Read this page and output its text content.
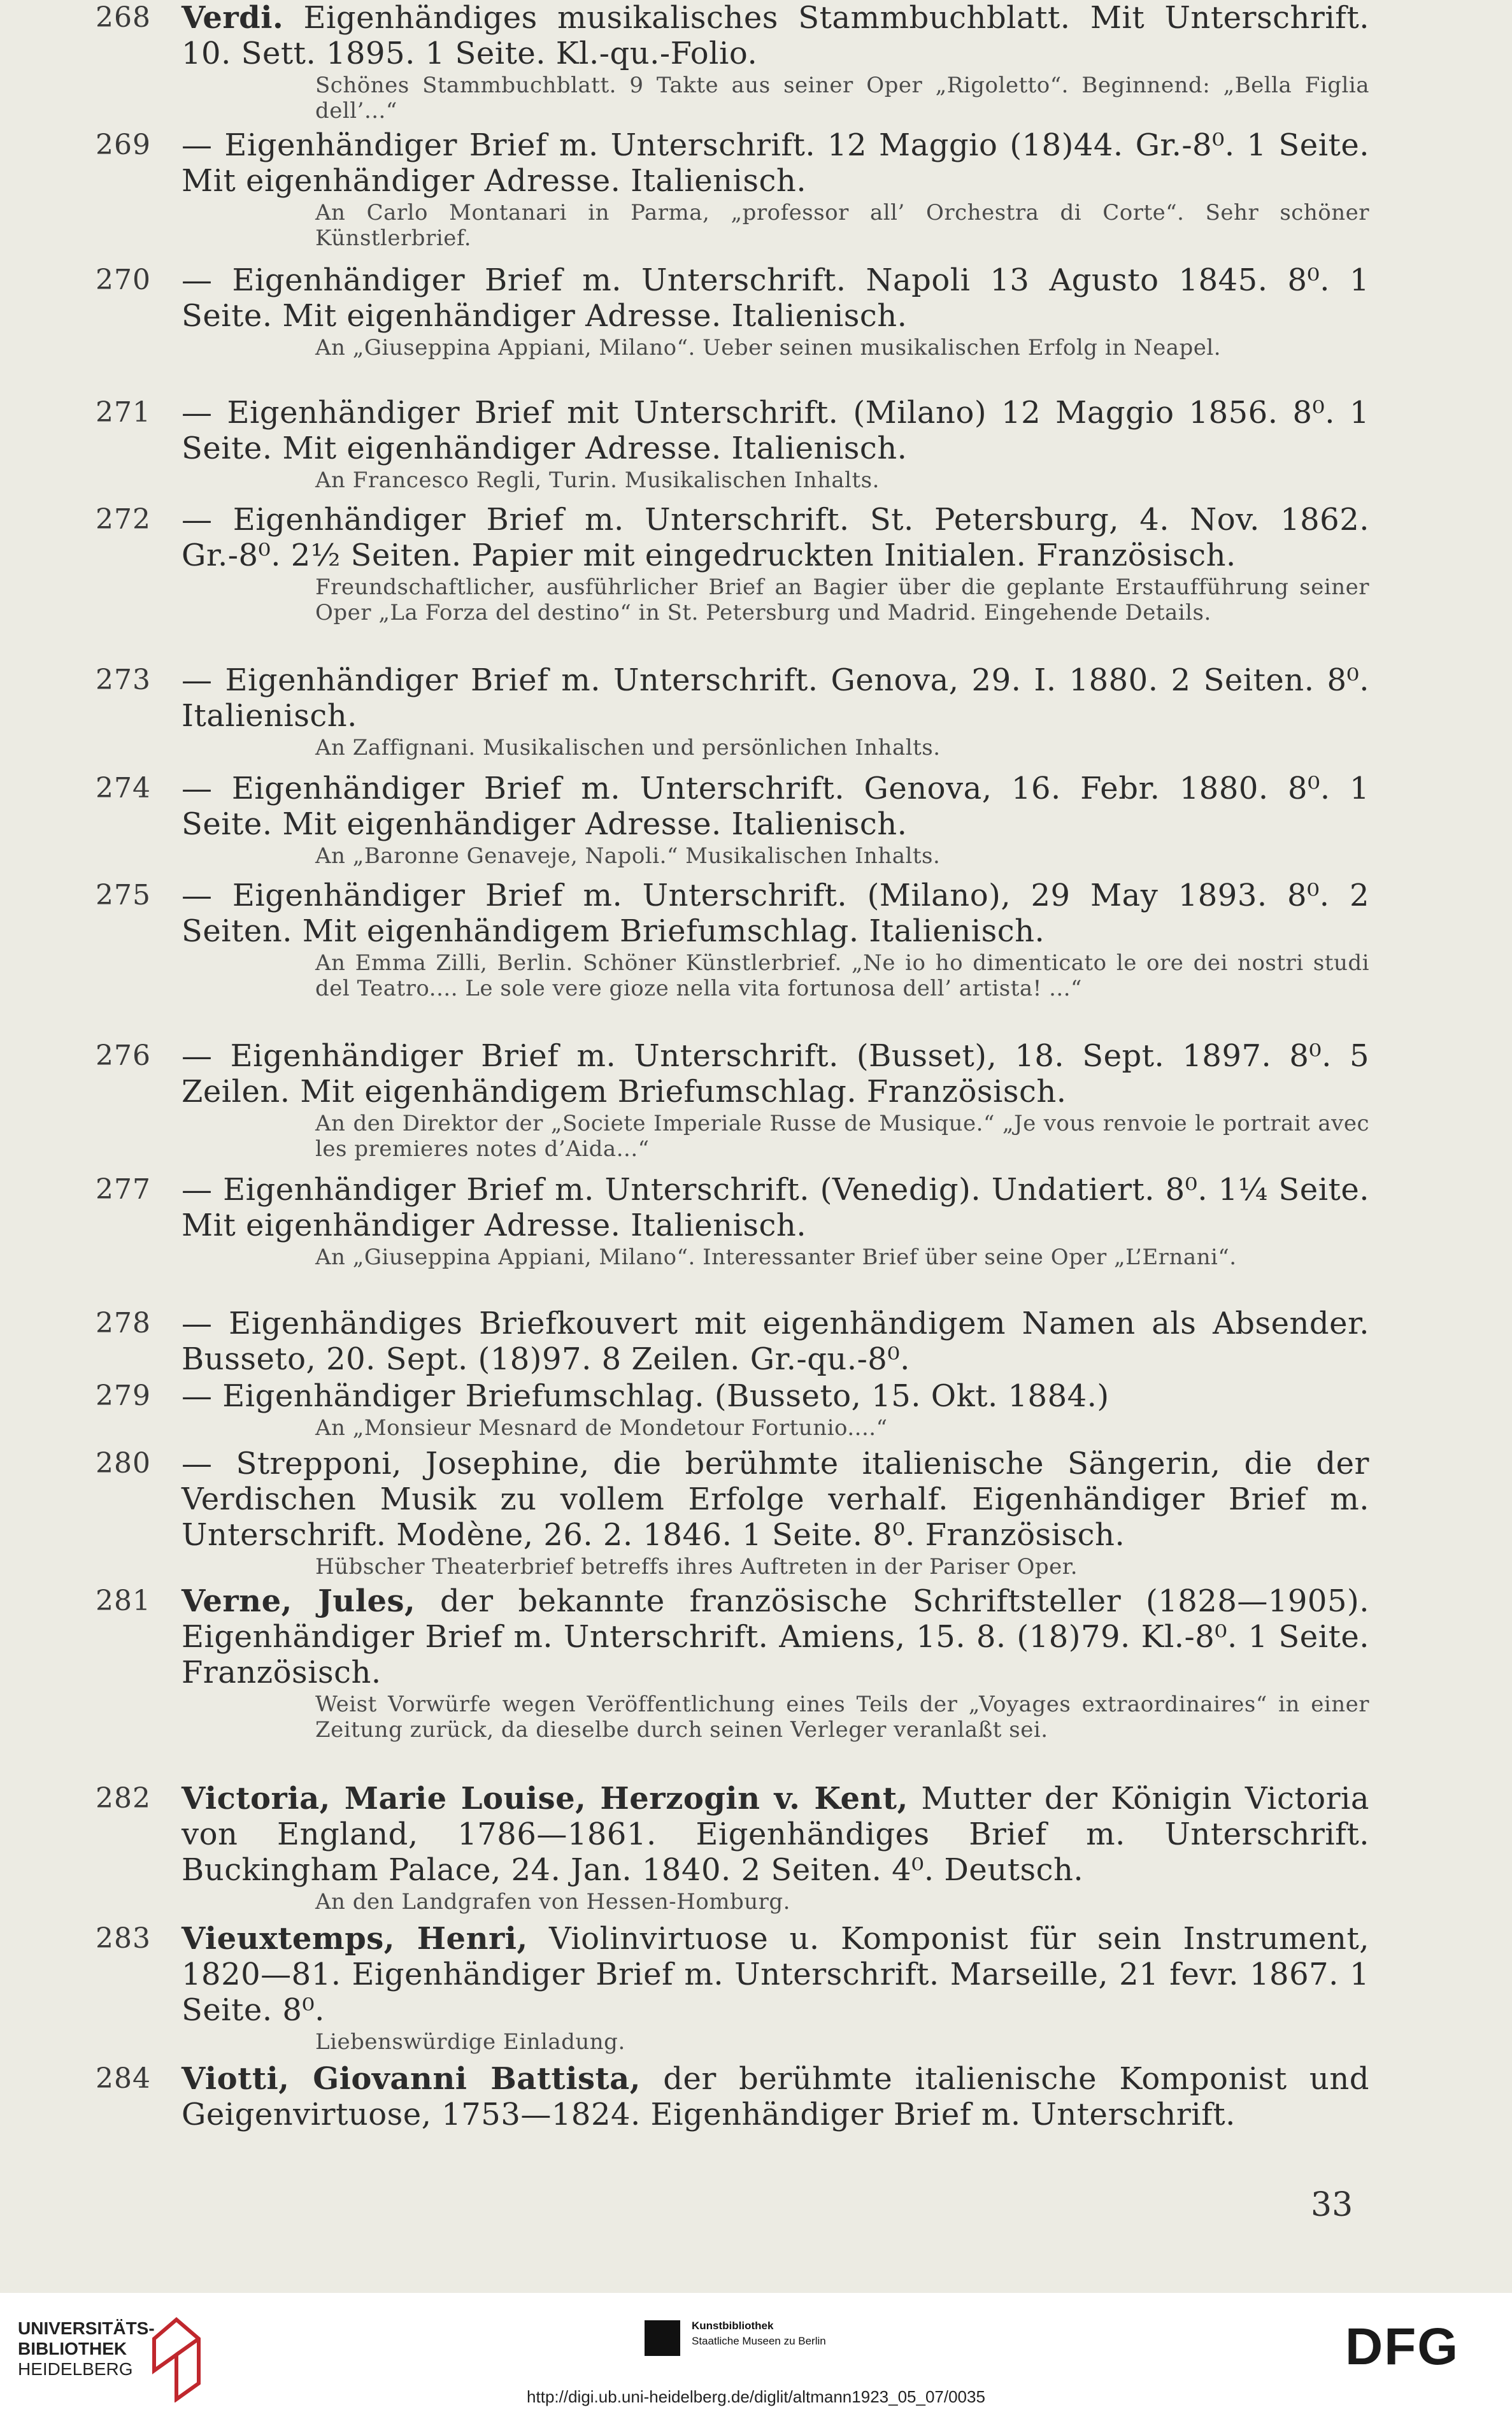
268	Verdi. Eigenhändiges musikalisches Stammbuchblatt. Mit Unterschrift. 10. Sett. 1895. 1 Seite. Kl.-qu.-Folio.
Schönes Stammbuchblatt. 9 Takte aus seiner Oper „Rigoletto“. Beginnend: „Bella Figlia dell’...“
269	— Eigenhändiger Brief m. Unterschrift. 12 Maggio (18)44. Gr.-8⁰. 1 Seite. Mit eigenhändiger Adresse. Italienisch.
An Carlo Montanari in Parma, „professor all’ Orchestra di Corte“. Sehr schöner Künstlerbrief.
270	— Eigenhändiger Brief m. Unterschrift. Napoli 13 Agusto 1845. 8⁰. 1 Seite. Mit eigenhändiger Adresse. Italienisch.
An „Giuseppina Appiani, Milano“. Ueber seinen musikalischen Erfolg in Neapel.
271	— Eigenhändiger Brief mit Unterschrift. (Milano) 12 Maggio 1856. 8⁰. 1 Seite. Mit eigenhändiger Adresse. Italienisch.
An Francesco Regli, Turin. Musikalischen Inhalts.
272	— Eigenhändiger Brief m. Unterschrift. St. Petersburg, 4. Nov. 1862. Gr.-8⁰. 2½ Seiten. Papier mit eingedruckten Initialen. Französisch.
Freundschaftlicher, ausführlicher Brief an Bagier über die geplante Erstaufführung seiner Oper „La Forza del destino“ in St. Petersburg und Madrid. Eingehende Details.
273	— Eigenhändiger Brief m. Unterschrift. Genova, 29. I. 1880. 2 Seiten. 8⁰. Italienisch.
An Zaffignani. Musikalischen und persönlichen Inhalts.
274	— Eigenhändiger Brief m. Unterschrift. Genova, 16. Febr. 1880. 8⁰. 1 Seite. Mit eigenhändiger Adresse. Italienisch.
An „Baronne Genaveje, Napoli.“ Musikalischen Inhalts.
275	— Eigenhändiger Brief m. Unterschrift. (Milano), 29 May 1893. 8⁰. 2 Seiten. Mit eigenhändigem Briefumschlag. Italienisch.
An Emma Zilli, Berlin. Schöner Künstlerbrief. „Ne io ho dimenticato le ore dei nostri studi del Teatro.... Le sole vere gioze nella vita fortunosa dell’ artista! ...“
276	— Eigenhändiger Brief m. Unterschrift. (Busset), 18. Sept. 1897. 8⁰. 5 Zeilen. Mit eigenhändigem Briefumschlag. Französisch.
An den Direktor der „Societe Imperiale Russe de Musique.“ „Je vous renvoie le portrait avec les premieres notes d’Aida...“
277	— Eigenhändiger Brief m. Unterschrift. (Venedig). Undatiert. 8⁰. 1¼ Seite. Mit eigenhändiger Adresse. Italienisch.
An „Giuseppina Appiani, Milano“. Interessanter Brief über seine Oper „L’Ernani“.
278	— Eigenhändiges Briefkouvert mit eigenhändigem Namen als Absender. Busseto, 20. Sept. (18)97. 8 Zeilen. Gr.-qu.-8⁰.
279	— Eigenhändiger Briefumschlag. (Busseto, 15. Okt. 1884.)
An „Monsieur Mesnard de Mondetour Fortunio....“
280	— Strepponi, Josephine, die berühmte italienische Sängerin, die der Verdischen Musik zu vollem Erfolge verhalf. Eigenhändiger Brief m. Unterschrift. Modène, 26. 2. 1846. 1 Seite. 8⁰. Französisch.
Hübscher Theaterbrief betreffs ihres Auftreten in der Pariser Oper.
281	Verne, Jules, der bekannte französische Schriftsteller (1828—1905). Eigenhändiger Brief m. Unterschrift. Amiens, 15. 8. (18)79. Kl.-8⁰. 1 Seite. Französisch.
Weist Vorwürfe wegen Veröffentlichung eines Teils der „Voyages extraordinaires“ in einer Zeitung zurück, da dieselbe durch seinen Verleger veranlaßt sei.
282	Victoria, Marie Louise, Herzogin v. Kent, Mutter der Königin Victoria von England, 1786—1861. Eigenhändiges Brief m. Unterschrift. Buckingham Palace, 24. Jan. 1840. 2 Seiten. 4⁰. Deutsch.
An den Landgrafen von Hessen-Homburg.
283	Vieuxtemps, Henri, Violinvirtuose u. Komponist für sein Instrument, 1820—81. Eigenhändiger Brief m. Unterschrift. Marseille, 21 fevr. 1867. 1 Seite. 8⁰.
Liebenswürdige Einladung.
284	Viotti, Giovanni Battista, der berühmte italienische Komponist und Geigenvirtuose, 1753—1824. Eigenhändiger Brief m. Unterschrift.
33
UNIVERSITÄTS-
BIBLIOTHEK
HEIDELBERG
Kunstbibliothek
Staatliche Museen zu Berlin	DFG
http://digi.ub.uni-heidelberg.de/diglit/altmann1923_05_07/0035
